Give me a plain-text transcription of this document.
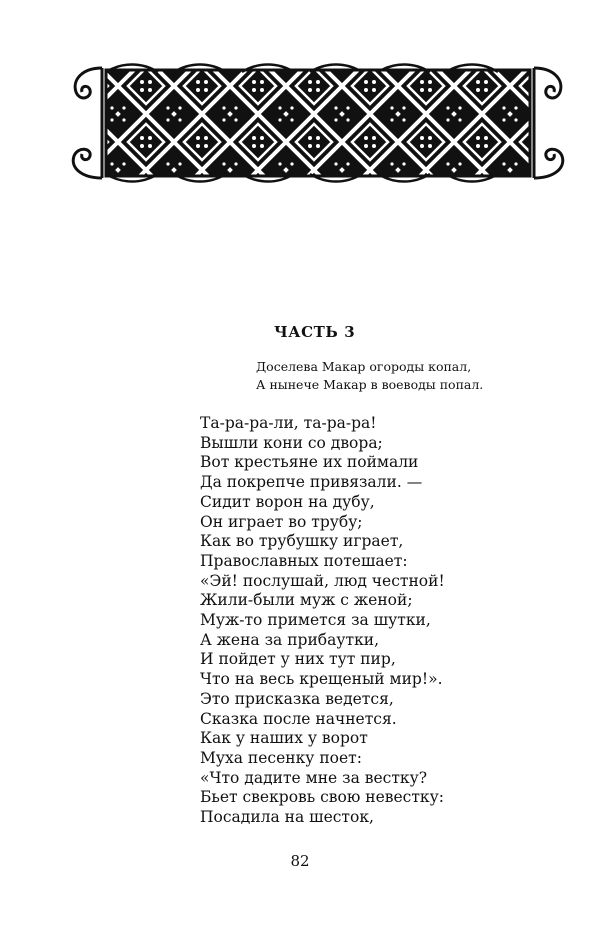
ЧАСТЬ 3
Доселева Макар огороды копал,
А нынече Макар в воеводы попал.
Та-ра-ра-ли, та-ра-ра!
Вышли кони со двора;
Вот крестьяне их поймали
Да покрепче привязали. —
Сидит ворон на дубу,
Он играет во трубу;
Как во трубушку играет,
Православных потешает:
«Эй! послушай, люд честной!
Жили-были муж с женой;
Муж-то примется за шутки,
А жена за прибаутки,
И пойдет у них тут пир,
Что на весь крещеный мир!».
Это присказка ведется,
Сказка после начнется.
Как у наших у ворот
Муха песенку поет:
«Что дадите мне за вестку?
Бьет свекровь свою невестку:
Посадила на шесток,
82
